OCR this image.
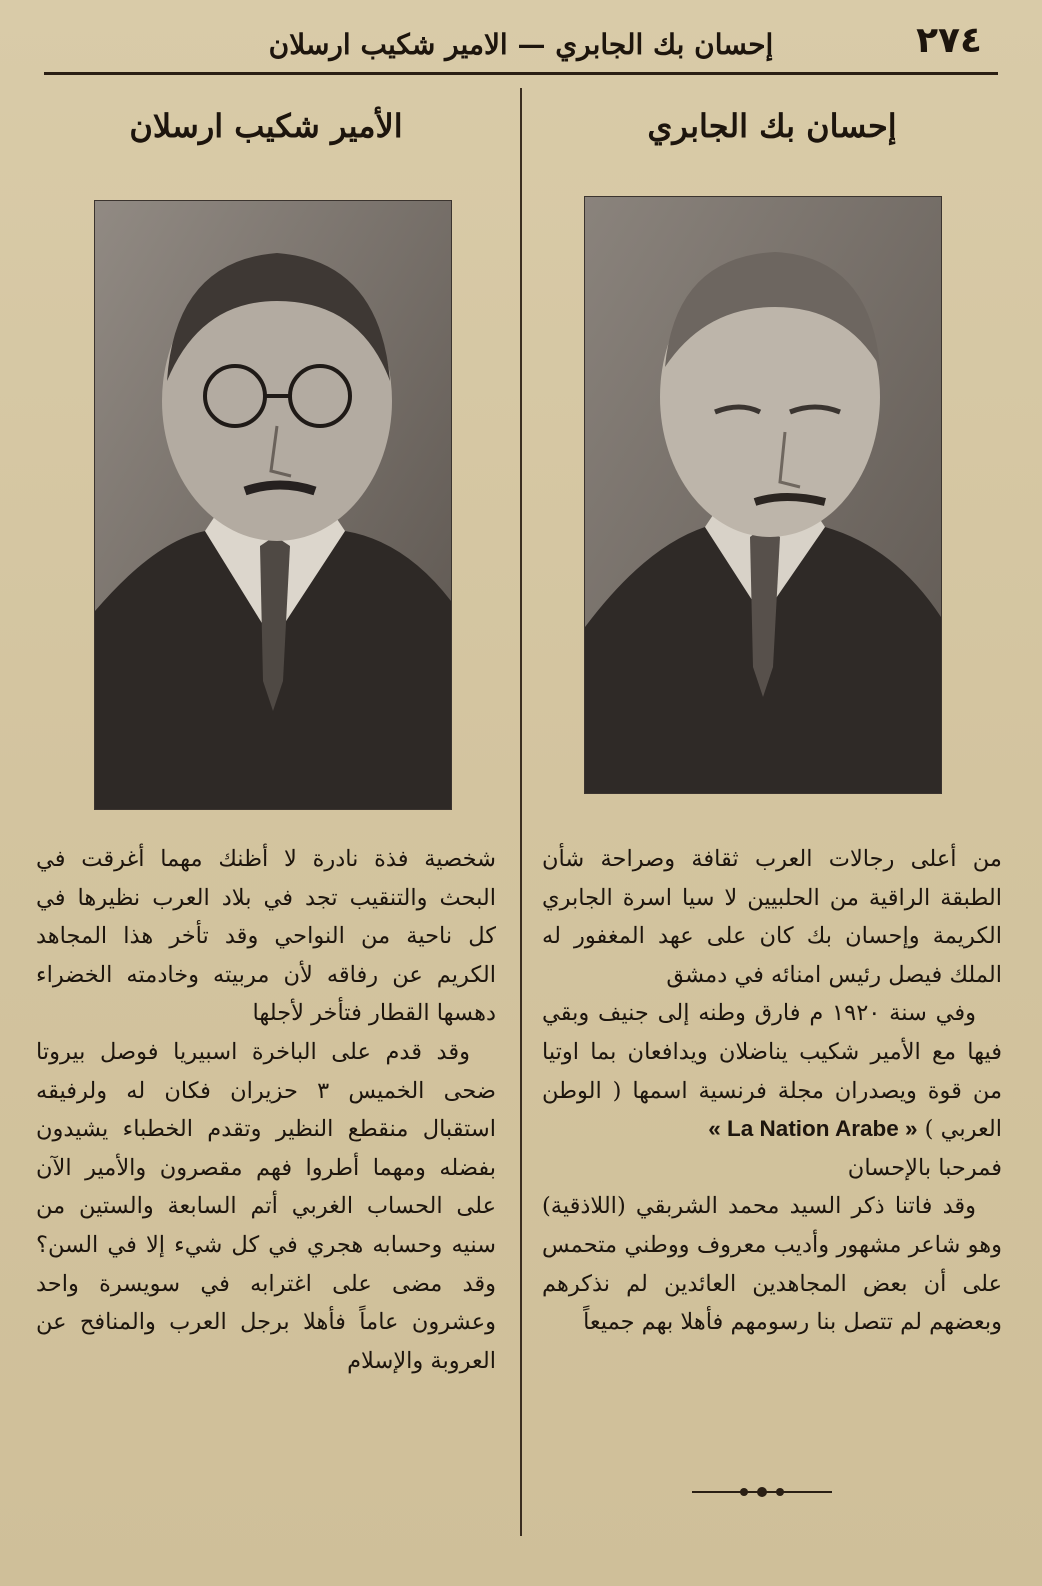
٢٧٤
إحسان بك الجابري — الامير شكيب ارسلان
إحسان بك الجابري

من أعلى رجالات العرب ثقافة وصراحة شأن الطبقة الراقية من الحلبيين لا سيا اسرة الجابري الكريمة وإحسان بك كان على عهد المغفور له الملك فيصل رئيس امنائه في دمشق

وفي سنة ١٩٢٠ م فارق وطنه إلى جنيف وبقي فيها مع الأمير شكيب يناضلان ويدافعان بما اوتيا من قوة ويصدران مجلة فرنسية اسمها ( الوطن العربي ) « La Nation Arabe »

فمرحبا بالإحسان

وقد فاتنا ذكر السيد محمد الشربقي (اللاذقية) وهو شاعر مشهور وأديب معروف ووطني متحمس على أن بعض المجاهدين العائدين لم نذكرهم وبعضهم لم تتصل بنا رسومهم فأهلا بهم جميعاً

الأمير شكيب ارسلان

شخصية فذة نادرة لا أظنك مهما أغرقت في البحث والتنقيب تجد في بلاد العرب نظيرها في كل ناحية من النواحي وقد تأخر هذا المجاهد الكريم عن رفاقه لأن مربيته وخادمته الخضراء دهسها القطار فتأخر لأجلها

وقد قدم على الباخرة اسبيريا فوصل بيروتا ضحى الخميس ٣ حزيران فكان له ولرفيقه استقبال منقطع النظير وتقدم الخطباء يشيدون بفضله ومهما أطروا فهم مقصرون والأمير الآن على الحساب الغربي أتم السابعة والستين من سنيه وحسابه هجري في كل شيء إلا في السن؟ وقد مضى على اغترابه في سويسرة واحد وعشرون عاماً فأهلا برجل العرب والمنافح عن العروبة والإسلام
